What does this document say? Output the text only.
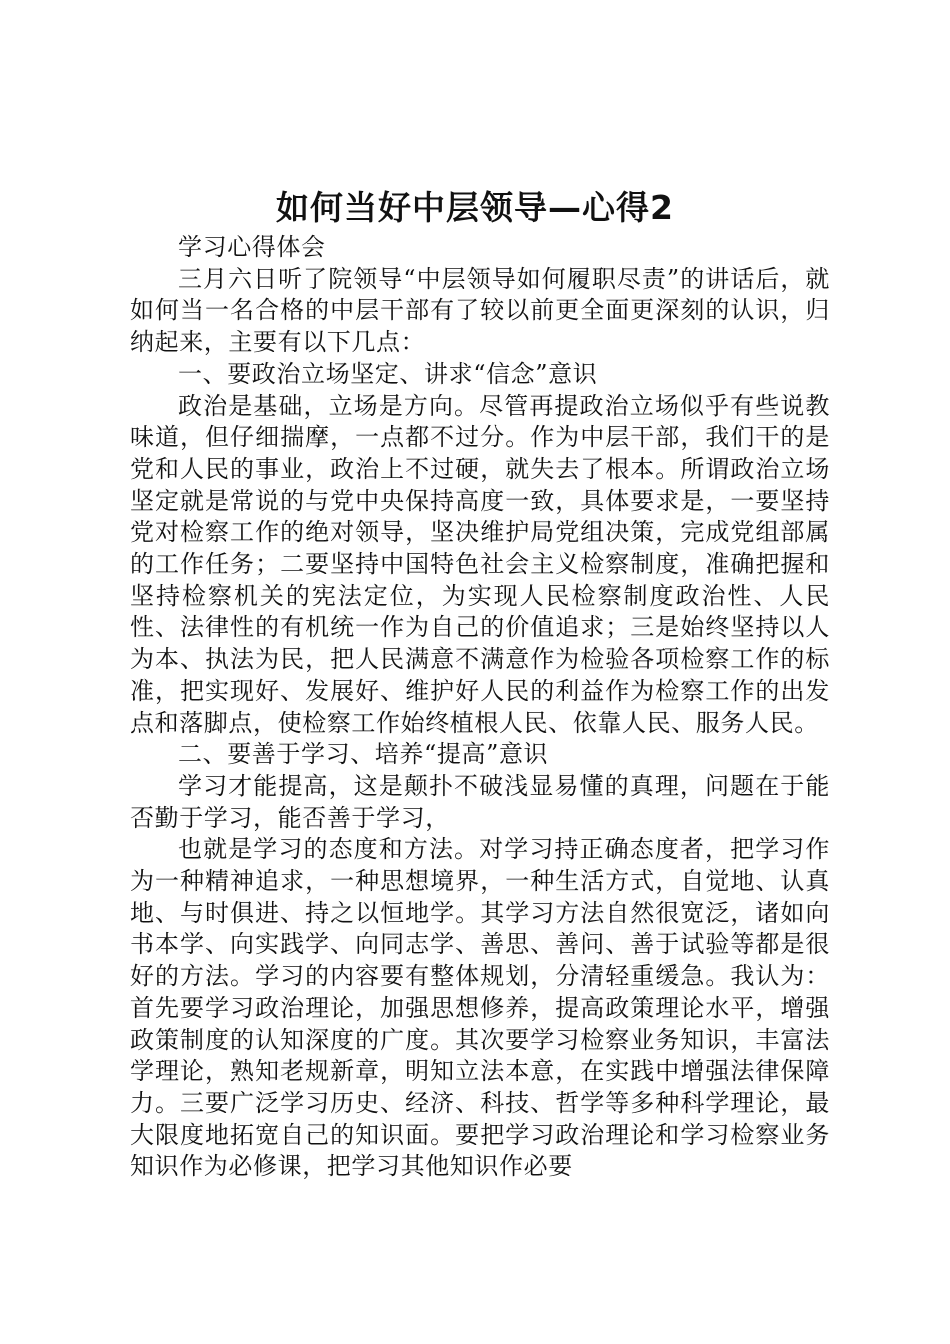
如何当好中层领导—心得2

学习心得体会

三月六日听了院领导“中层领导如何履职尽责”的讲话后，就如何当一名合格的中层干部有了较以前更全面更深刻的认识，归纳起来，主要有以下几点：

一、要政治立场坚定、讲求“信念”意识

政治是基础，立场是方向。尽管再提政治立场似乎有些说教味道，但仔细揣摩，一点都不过分。作为中层干部，我们干的是党和人民的事业，政治上不过硬，就失去了根本。所谓政治立场坚定就是常说的与党中央保持高度一致，具体要求是，一要坚持党对检察工作的绝对领导，坚决维护局党组决策，完成党组部属的工作任务；二要坚持中国特色社会主义检察制度，准确把握和坚持检察机关的宪法定位，为实现人民检察制度政治性、人民性、法律性的有机统一作为自己的价值追求；三是始终坚持以人为本、执法为民，把人民满意不满意作为检验各项检察工作的标准，把实现好、发展好、维护好人民的利益作为检察工作的出发点和落脚点，使检察工作始终植根人民、依靠人民、服务人民。

二、要善于学习、培养“提高”意识

学习才能提高，这是颠扑不破浅显易懂的真理，问题在于能否勤于学习，能否善于学习，

也就是学习的态度和方法。对学习持正确态度者，把学习作为一种精神追求，一种思想境界，一种生活方式，自觉地、认真地、与时俱进、持之以恒地学。其学习方法自然很宽泛，诸如向书本学、向实践学、向同志学、善思、善问、善于试验等都是很好的方法。学习的内容要有整体规划，分清轻重缓急。我认为：首先要学习政治理论，加强思想修养，提高政策理论水平，增强政策制度的认知深度的广度。其次要学习检察业务知识，丰富法学理论，熟知老规新章，明知立法本意，在实践中增强法律保障力。三要广泛学习历史、经济、科技、哲学等多种科学理论，最大限度地拓宽自己的知识面。要把学习政治理论和学习检察业务知识作为必修课，把学习其他知识作必要
